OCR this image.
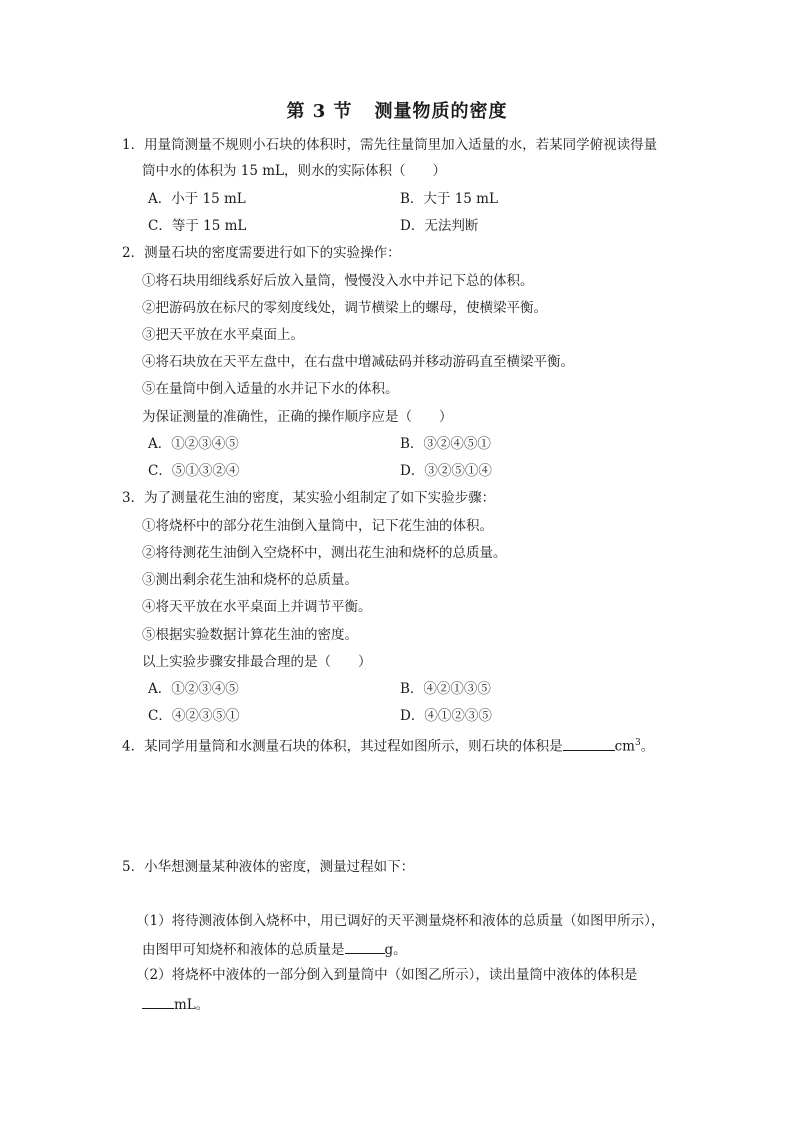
第 3 节 测量物质的密度
1．用量筒测量不规则小石块的体积时，需先往量筒里加入适量的水，若某同学俯视读得量
筒中水的体积为 15 mL，则水的实际体积（　　）
A．小于 15 mL	B．大于 15 mL
C．等于 15 mL	D．无法判断
2．测量石块的密度需要进行如下的实验操作：
①将石块用细线系好后放入量筒，慢慢没入水中并记下总的体积。
②把游码放在标尺的零刻度线处，调节横梁上的螺母，使横梁平衡。
③把天平放在水平桌面上。
④将石块放在天平左盘中，在右盘中增减砝码并移动游码直至横梁平衡。
⑤在量筒中倒入适量的水并记下水的体积。
为保证测量的准确性，正确的操作顺序应是（　　）
A．①②③④⑤	B．③②④⑤①
C．⑤①③②④	D．③②⑤①④
3．为了测量花生油的密度，某实验小组制定了如下实验步骤：
①将烧杯中的部分花生油倒入量筒中，记下花生油的体积。
②将待测花生油倒入空烧杯中，测出花生油和烧杯的总质量。
③测出剩余花生油和烧杯的总质量。
④将天平放在水平桌面上并调节平衡。
⑤根据实验数据计算花生油的密度。
以上实验步骤安排最合理的是（　　）
A．①②③④⑤	B．④②①③⑤
C．④②③⑤①	D．④①②③⑤
4．某同学用量筒和水测量石块的体积，其过程如图所示，则石块的体积是	$cm^3$。
5．小华想测量某种液体的密度，测量过程如下：
（1）将待测液体倒入烧杯中，用已调好的天平测量烧杯和液体的总质量（如图甲所示），
由图甲可知烧杯和液体的总质量是	g。
（2）将烧杯中液体的一部分倒入到量筒中（如图乙所示），读出量筒中液体的体积是
mL。
